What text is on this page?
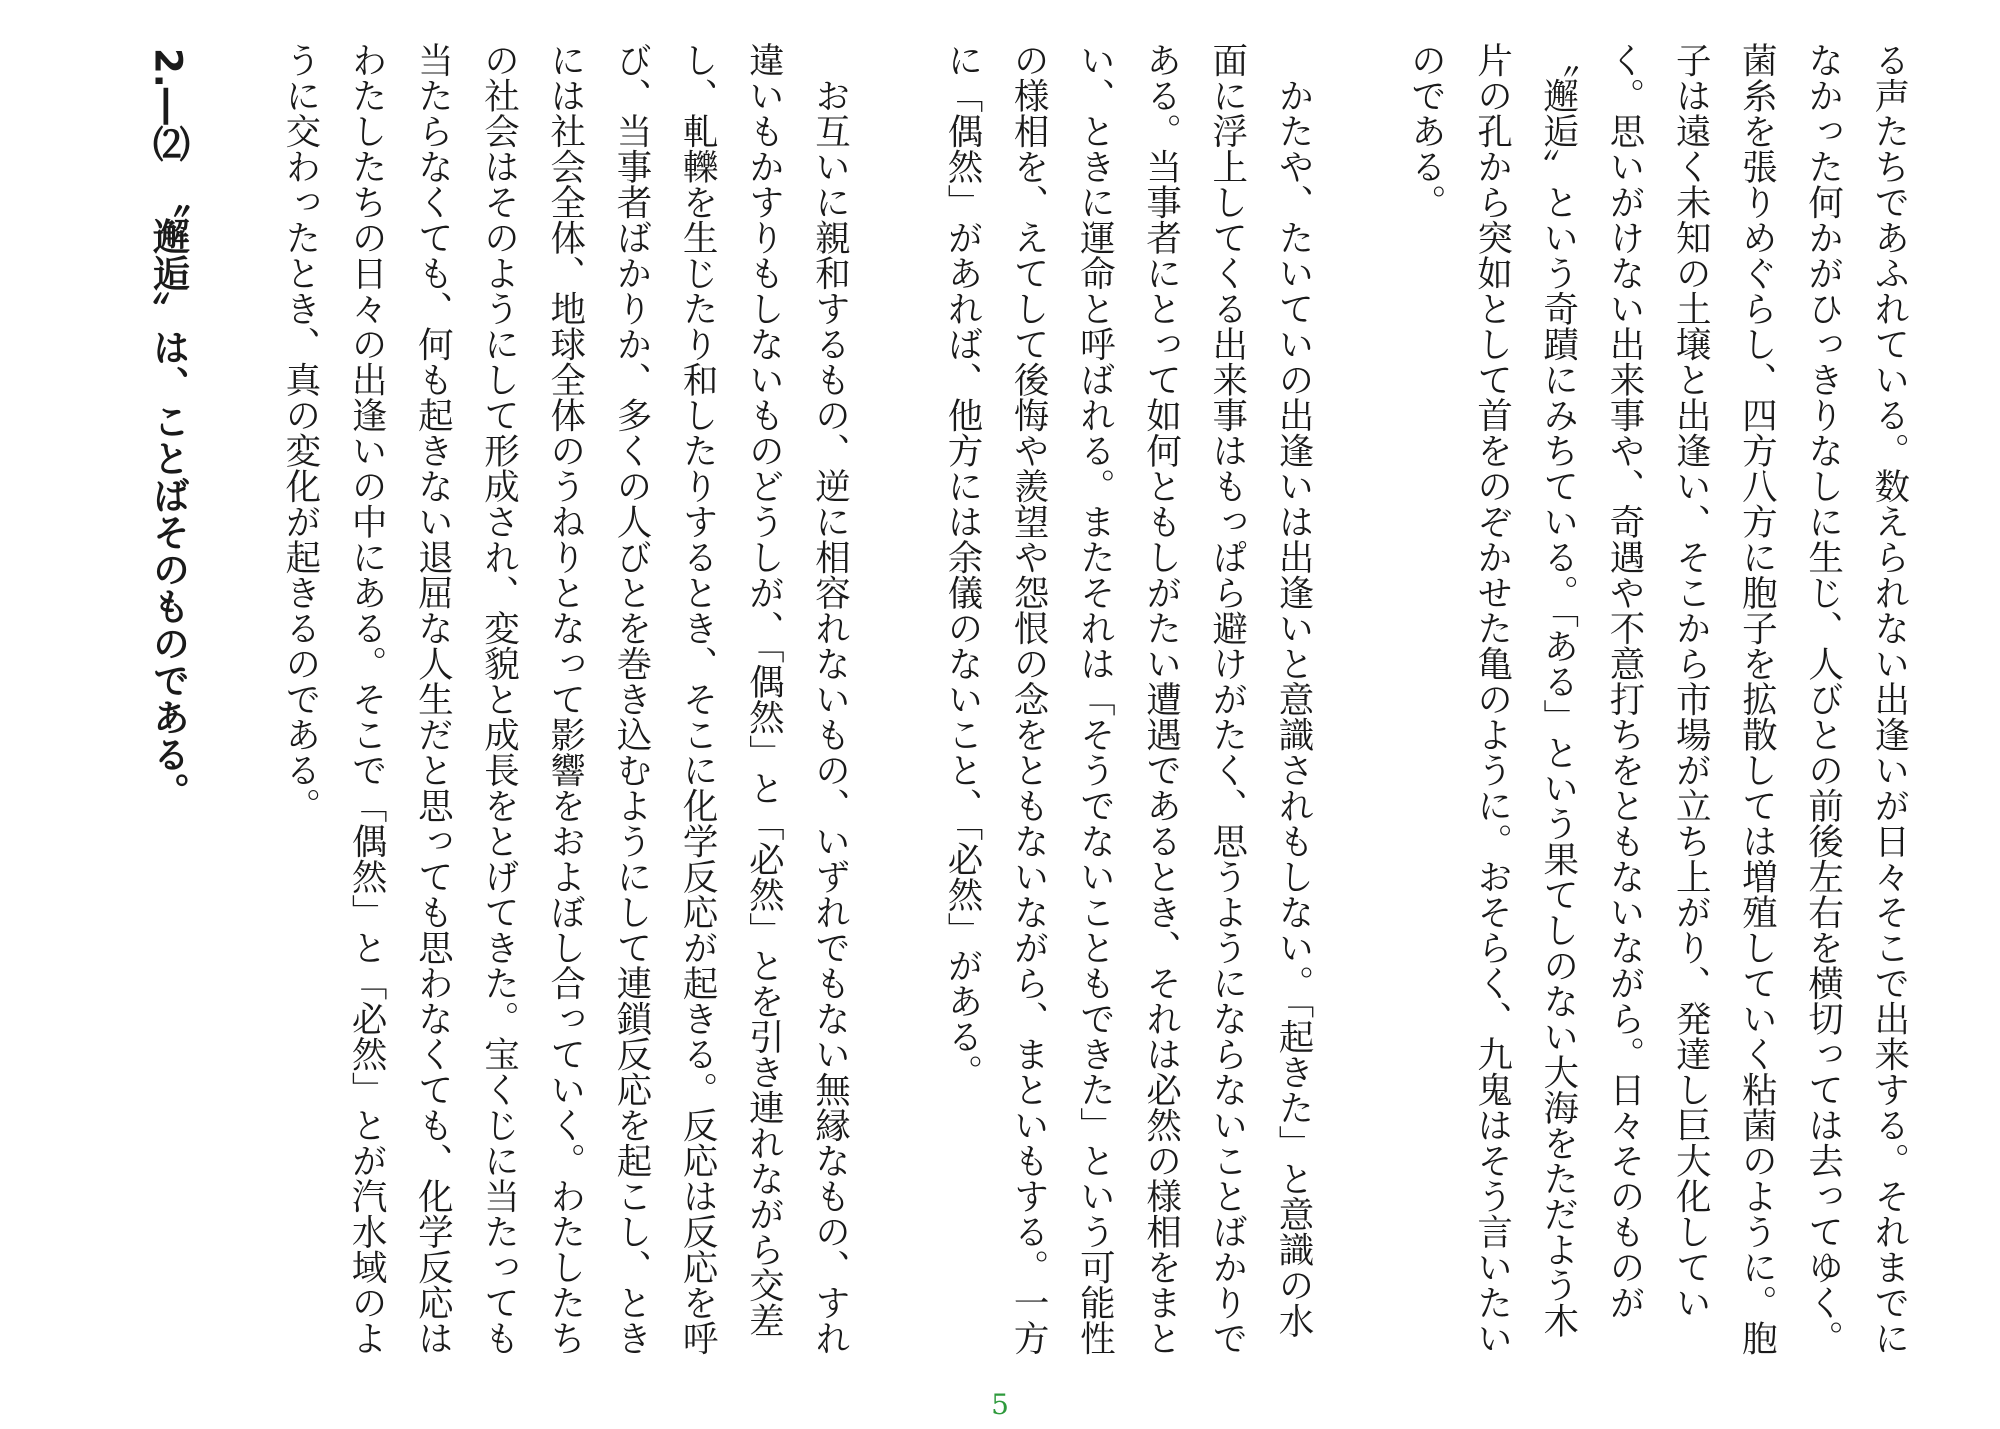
る声たちであふれている。数えられない出逢いが日々そこで出来する。それまでになかった何かがひっきりなしに生じ、人びとの前後左右を横切っては去ってゆく。菌糸を張りめぐらし、四方八方に胞子を拡散しては増殖していく粘菌のように。胞子は遠く未知の土壌と出逢い、そこから市場が立ち上がり、発達し巨大化していく。思いがけない出来事や、奇遇や不意打ちをともないながら。日々そのものが〝邂逅〟という奇蹟にみちている。「ある」という果てしのない大海をただよう木片の孔から突如として首をのぞかせた亀のように。おそらく、九鬼はそう言いたいのである。

　かたや、たいていの出逢いは出逢いと意識されもしない。「起きた」と意識の水面に浮上してくる出来事はもっぱら避けがたく、思うようにならないことばかりである。当事者にとって如何ともしがたい遭遇であるとき、それは必然の様相をまとい、ときに運命と呼ばれる。またそれは「そうでないこともできた」という可能性の様相を、えてして後悔や羨望や怨恨の念をともないながら、まといもする。一方に「偶然」があれば、他方には余儀のないこと、「必然」がある。

　お互いに親和するもの、逆に相容れないもの、いずれでもない無縁なもの、すれ違いもかすりもしないものどうしが、「偶然」と「必然」とを引き連れながら交差し、軋轢を生じたり和したりするとき、そこに化学反応が起きる。反応は反応を呼び、当事者ばかりか、多くの人びとを巻き込むようにして連鎖反応を起こし、ときには社会全体、地球全体のうねりとなって影響をおよぼし合っていく。わたしたちの社会はそのようにして形成され、変貌と成長をとげてきた。宝くじに当たっても当たらなくても、何も起きない退屈な人生だと思っても思わなくても、化学反応はわたしたちの日々の出逢いの中にある。そこで「偶然」と「必然」とが汽水域のように交わったとき、真の変化が起きるのである。

2.―⑵　〝邂逅〟は、ことばそのものである。

5
